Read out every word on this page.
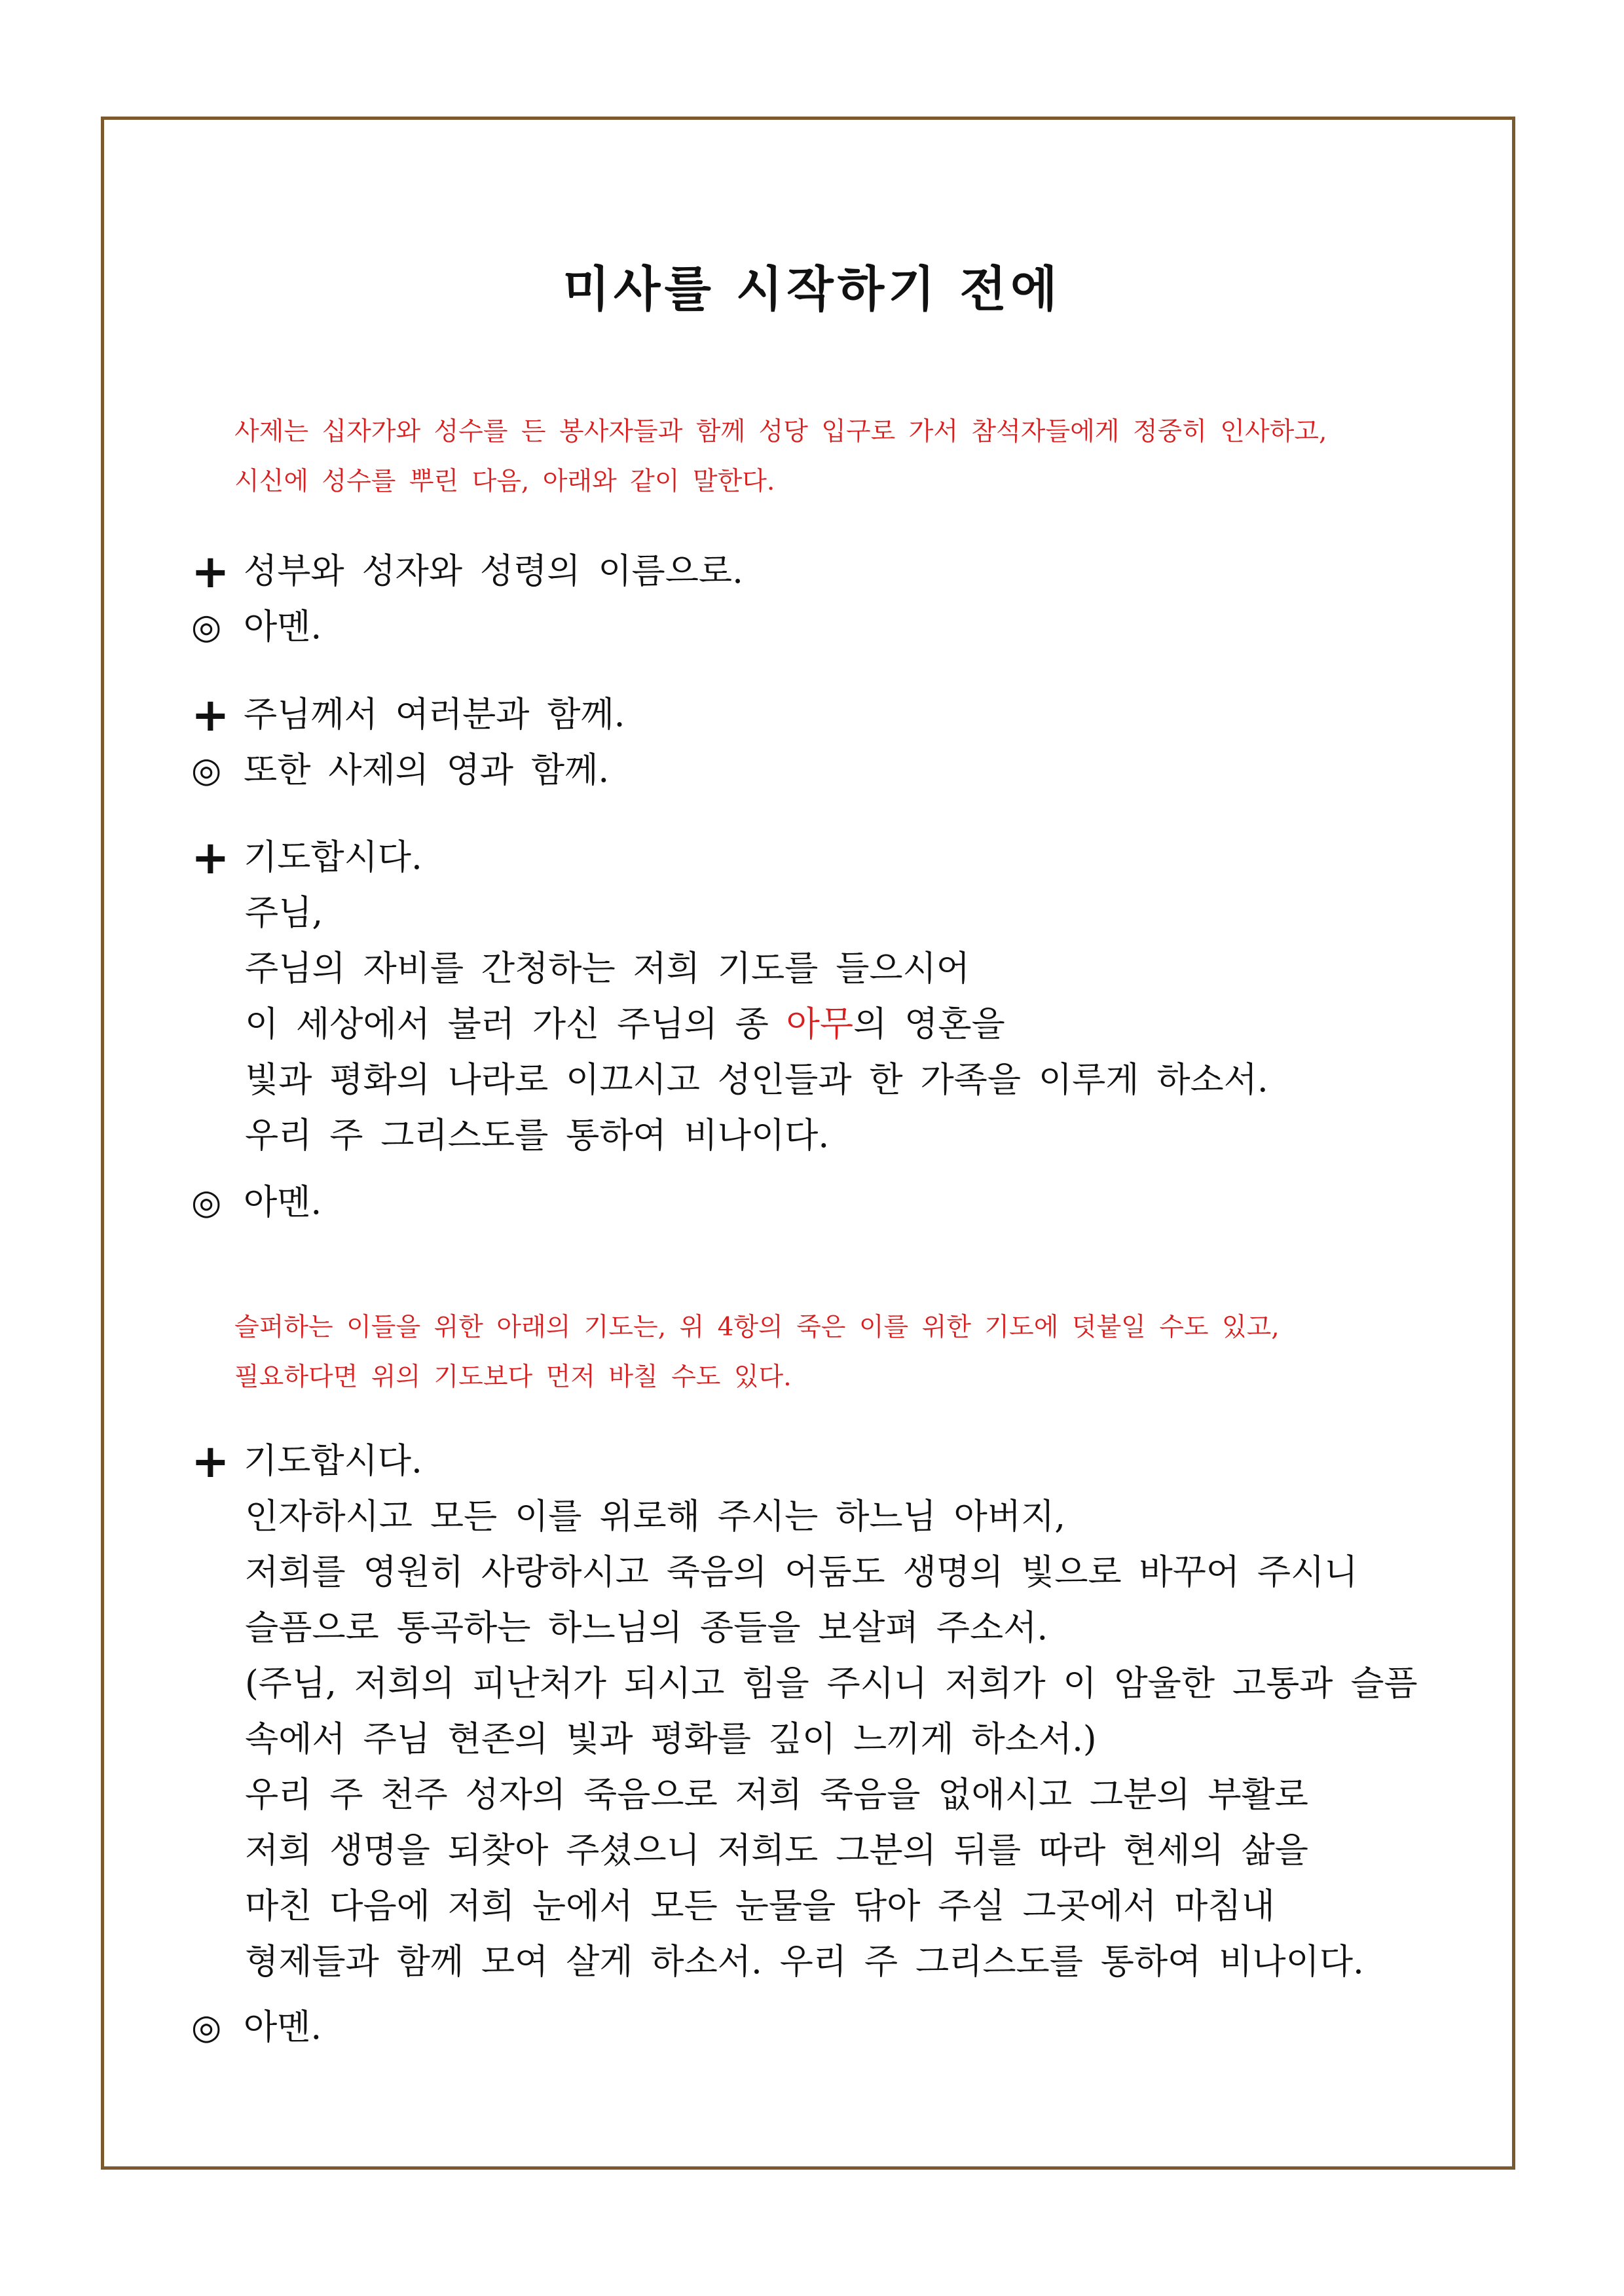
미사를 시작하기 전에
사제는 십자가와 성수를 든 봉사자들과 함께 성당 입구로 가서 참석자들에게 정중히 인사하고,
시신에 성수를 뿌린 다음, 아래와 같이 말한다.
+ 성부와 성자와 성령의 이름으로.
◎ 아멘.
+ 주님께서 여러분과 함께.
◎ 또한 사제의 영과 함께.
+ 기도합시다.
주님,
주님의 자비를 간청하는 저희 기도를 들으시어
이 세상에서 불러 가신 주님의 종 아무의 영혼을
빛과 평화의 나라로 이끄시고 성인들과 한 가족을 이루게 하소서.
우리 주 그리스도를 통하여 비나이다.
◎ 아멘.
슬퍼하는 이들을 위한 아래의 기도는, 위 4항의 죽은 이를 위한 기도에 덧붙일 수도 있고,
필요하다면 위의 기도보다 먼저 바칠 수도 있다.
+ 기도합시다.
인자하시고 모든 이를 위로해 주시는 하느님 아버지,
저희를 영원히 사랑하시고 죽음의 어둠도 생명의 빛으로 바꾸어 주시니
슬픔으로 통곡하는 하느님의 종들을 보살펴 주소서.
(주님, 저희의 피난처가 되시고 힘을 주시니 저희가 이 암울한 고통과 슬픔
속에서 주님 현존의 빛과 평화를 깊이 느끼게 하소서.)
우리 주 천주 성자의 죽음으로 저희 죽음을 없애시고 그분의 부활로
저희 생명을 되찾아 주셨으니 저희도 그분의 뒤를 따라 현세의 삶을
마친 다음에 저희 눈에서 모든 눈물을 닦아 주실 그곳에서 마침내
형제들과 함께 모여 살게 하소서. 우리 주 그리스도를 통하여 비나이다.
◎ 아멘.
